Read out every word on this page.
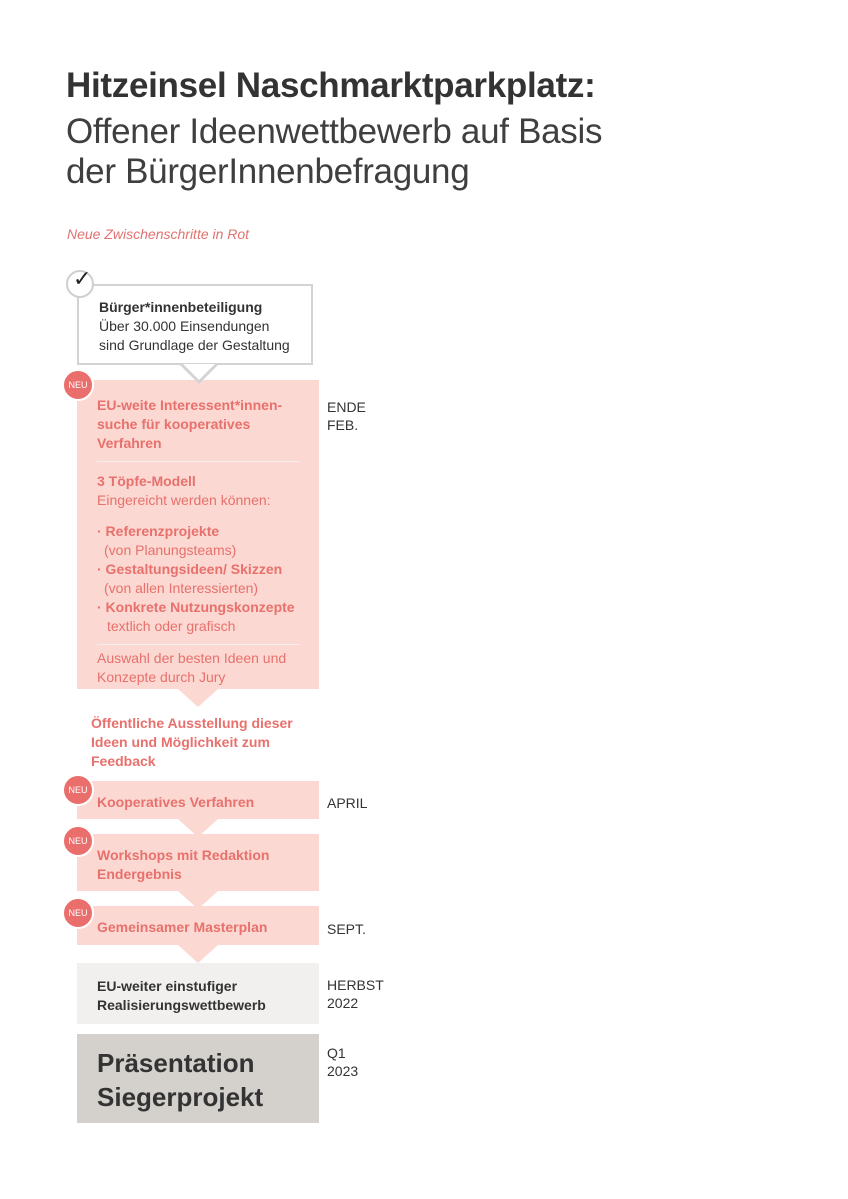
Hitzeinsel Naschmarktparkplatz:
Offener Ideenwettbewerb auf Basis
der BürgerInnenbefragung
Neue Zwischenschritte in Rot
✓
Bürger*innenbeteiligung
Über 30.000 Einsendungen
sind Grundlage der Gestaltung
NEU
EU-weite Interessent*innen-
suche für kooperatives
Verfahren
3 Töpfe-Modell
Eingereicht werden können:
· Referenzprojekte
(von Planungsteams)
· Gestaltungsideen/ Skizzen
(von allen Interessierten)
· Konkrete Nutzungskonzepte
textlich oder grafisch
Auswahl der besten Ideen und
Konzepte durch Jury
ENDE
FEB.
Öffentliche Ausstellung dieser
Ideen und Möglichkeit zum
Feedback
NEU
Kooperatives Verfahren	APRIL
NEU
Workshops mit Redaktion
Endergebnis
NEU
Gemeinsamer Masterplan	SEPT.
EU-weiter einstufiger
Realisierungswettbewerb
HERBST
2022
Präsentation
Siegerprojekt
Q1
2023
